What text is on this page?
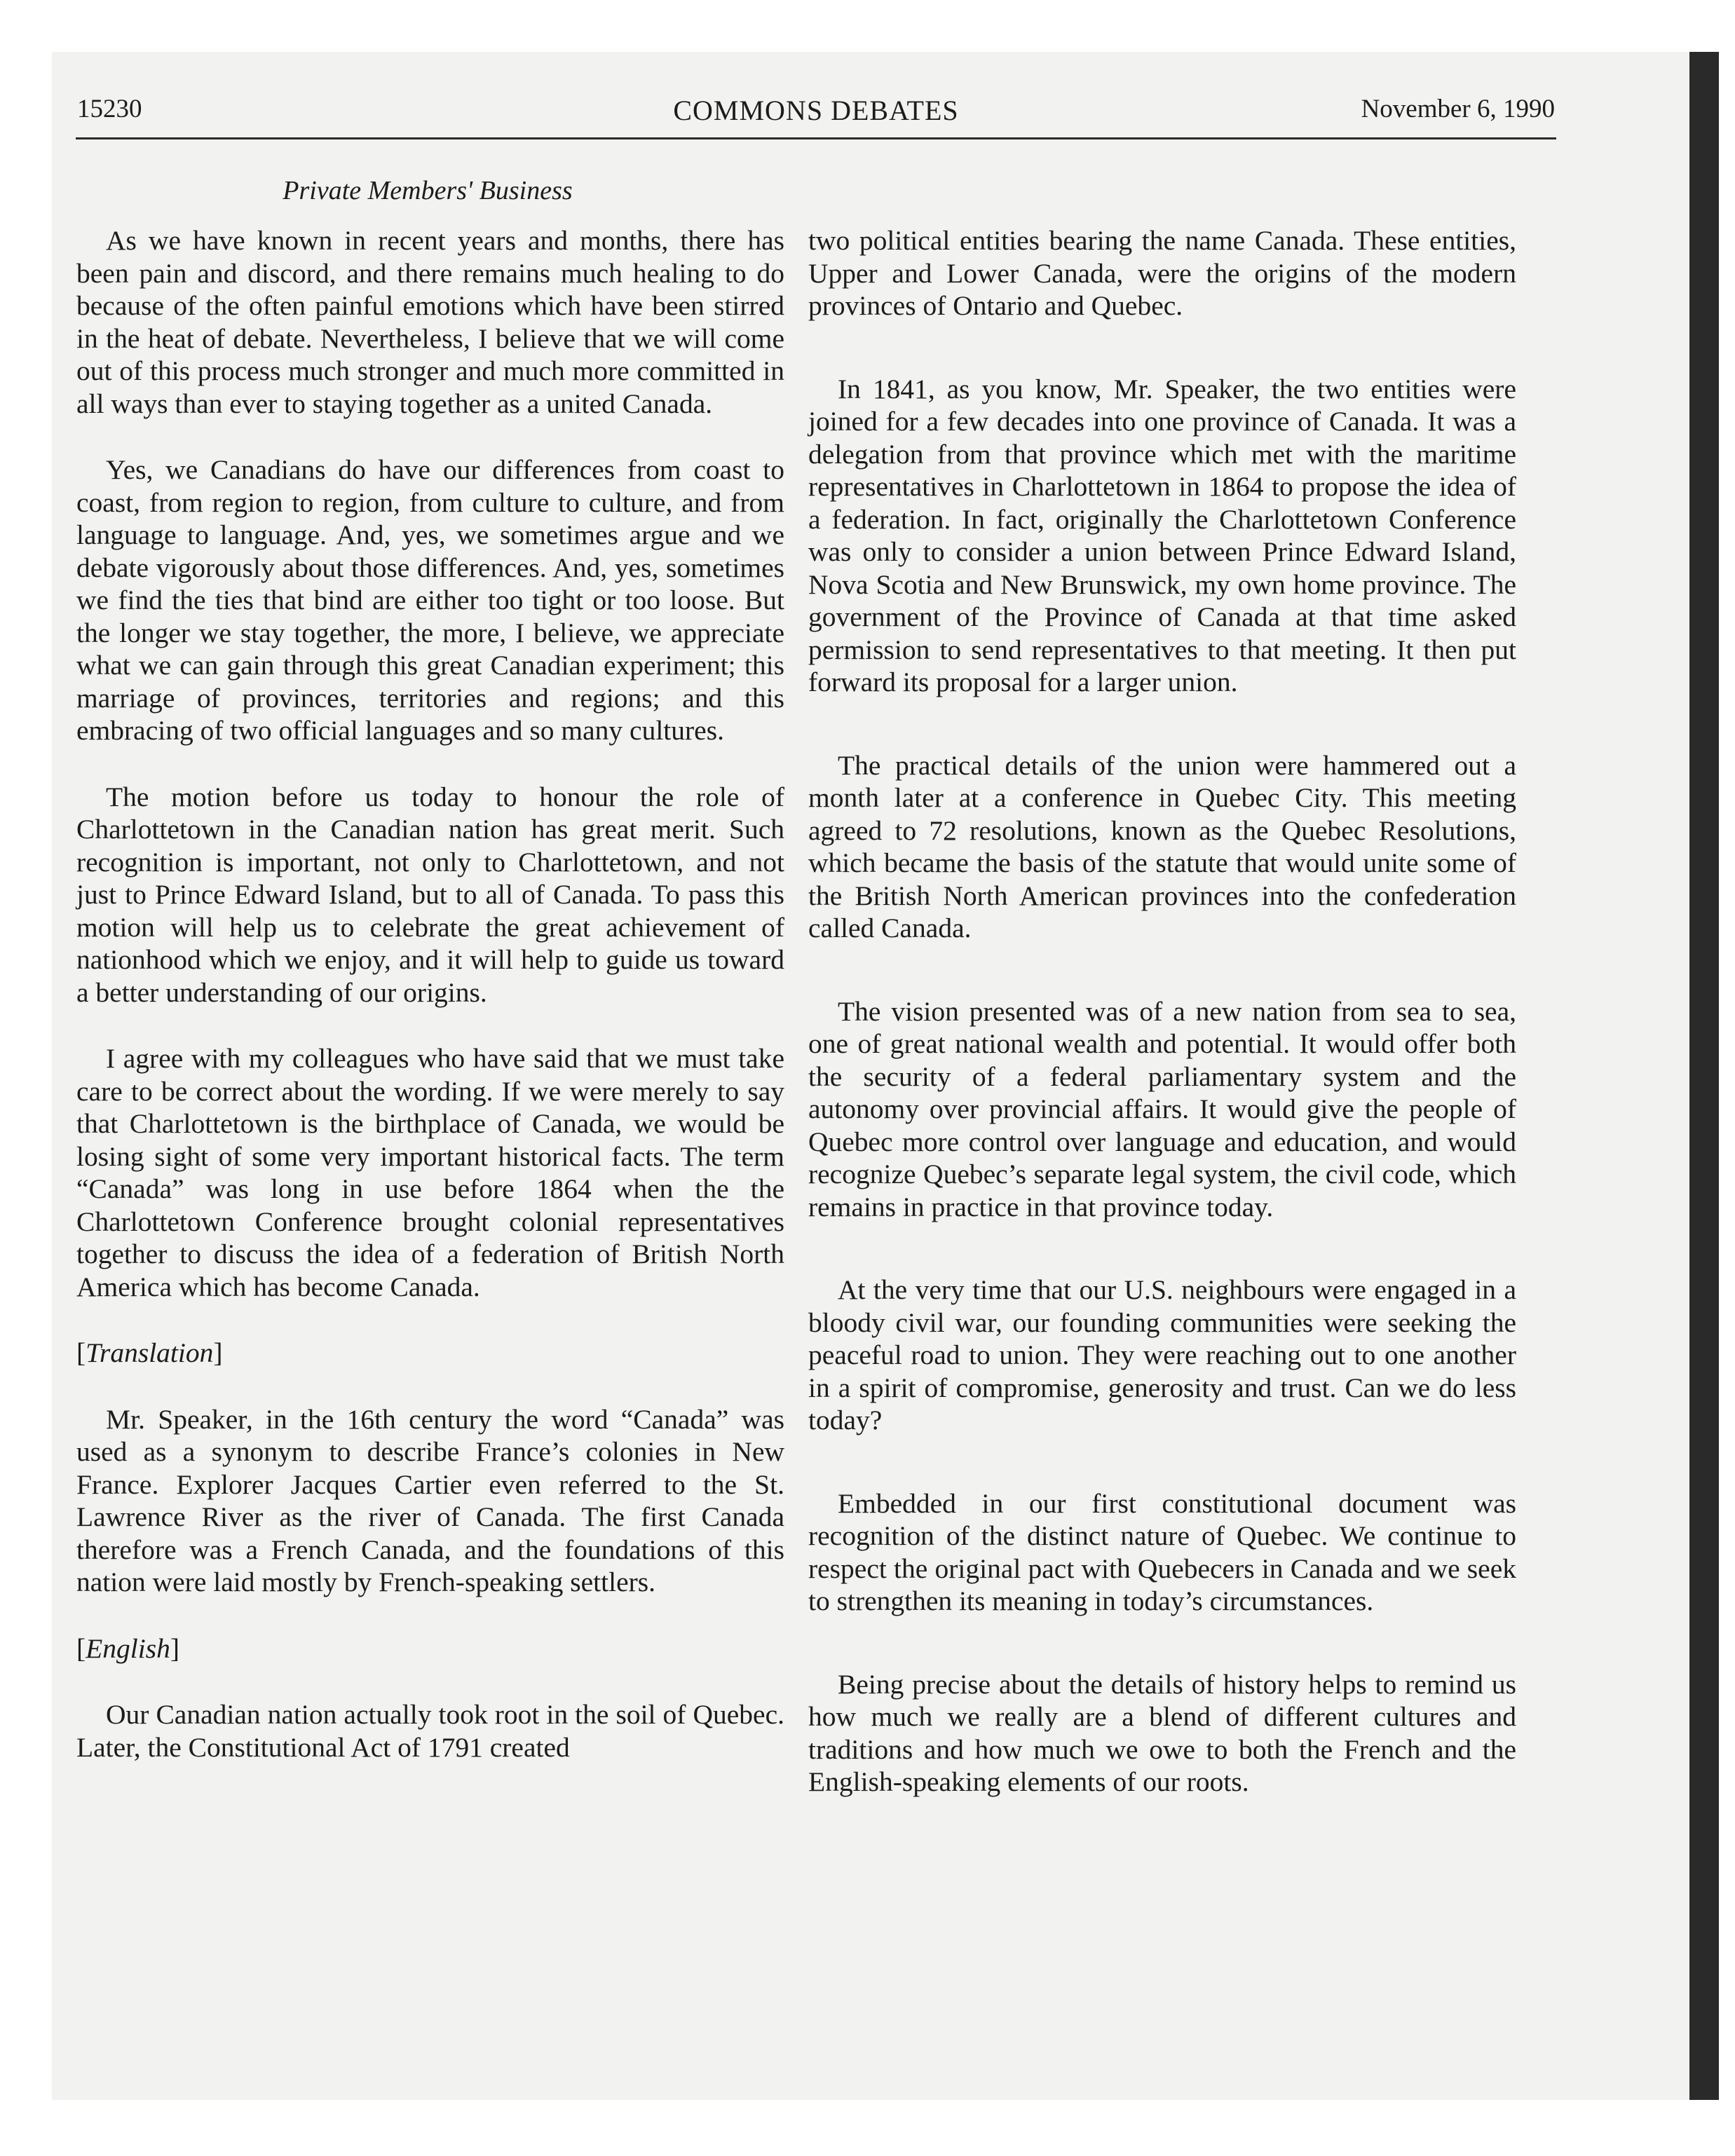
15230	COMMONS DEBATES	November 6, 1990
Private Members' Business

As we have known in recent years and months, there has been pain and discord, and there remains much healing to do because of the often painful emotions which have been stirred in the heat of debate. Nevertheless, I believe that we will come out of this process much stronger and much more committed in all ways than ever to staying together as a united Canada.

Yes, we Canadians do have our differences from coast to coast, from region to region, from culture to culture, and from language to language. And, yes, we sometimes argue and we debate vigorously about those differences. And, yes, sometimes we find the ties that bind are either too tight or too loose. But the longer we stay together, the more, I believe, we appreciate what we can gain through this great Canadian experiment; this marriage of provinces, territories and regions; and this embracing of two official languages and so many cultures.

The motion before us today to honour the role of Charlottetown in the Canadian nation has great merit. Such recognition is important, not only to Charlottetown, and not just to Prince Edward Island, but to all of Canada. To pass this motion will help us to celebrate the great achievement of nationhood which we enjoy, and it will help to guide us toward a better understanding of our origins.

I agree with my colleagues who have said that we must take care to be correct about the wording. If we were merely to say that Charlottetown is the birthplace of Canada, we would be losing sight of some very important historical facts. The term “Canada” was long in use before 1864 when the the Charlottetown Conference brought colonial representatives together to discuss the idea of a federation of British North America which has become Canada.

[Translation]

Mr. Speaker, in the 16th century the word “Canada” was used as a synonym to describe France’s colonies in New France. Explorer Jacques Cartier even referred to the St. Lawrence River as the river of Canada. The first Canada therefore was a French Canada, and the foundations of this nation were laid mostly by French-speaking settlers.

[English]

Our Canadian nation actually took root in the soil of Quebec. Later, the Constitutional Act of 1791 created

two political entities bearing the name Canada. These entities, Upper and Lower Canada, were the origins of the modern provinces of Ontario and Quebec.

In 1841, as you know, Mr. Speaker, the two entities were joined for a few decades into one province of Canada. It was a delegation from that province which met with the maritime representatives in Charlottetown in 1864 to propose the idea of a federation. In fact, originally the Charlottetown Conference was only to consider a union between Prince Edward Island, Nova Scotia and New Brunswick, my own home province. The government of the Province of Canada at that time asked permission to send representatives to that meeting. It then put forward its proposal for a larger union.

The practical details of the union were hammered out a month later at a conference in Quebec City. This meeting agreed to 72 resolutions, known as the Quebec Resolutions, which became the basis of the statute that would unite some of the British North American provinces into the confederation called Canada.

The vision presented was of a new nation from sea to sea, one of great national wealth and potential. It would offer both the security of a federal parliamentary system and the autonomy over provincial affairs. It would give the people of Quebec more control over language and education, and would recognize Quebec’s separate legal system, the civil code, which remains in practice in that province today.

At the very time that our U.S. neighbours were engaged in a bloody civil war, our founding communities were seeking the peaceful road to union. They were reaching out to one another in a spirit of compromise, generosity and trust. Can we do less today?

Embedded in our first constitutional document was recognition of the distinct nature of Quebec. We continue to respect the original pact with Quebecers in Canada and we seek to strengthen its meaning in today’s circumstances.

Being precise about the details of history helps to remind us how much we really are a blend of different cultures and traditions and how much we owe to both the French and the English-speaking elements of our roots.
